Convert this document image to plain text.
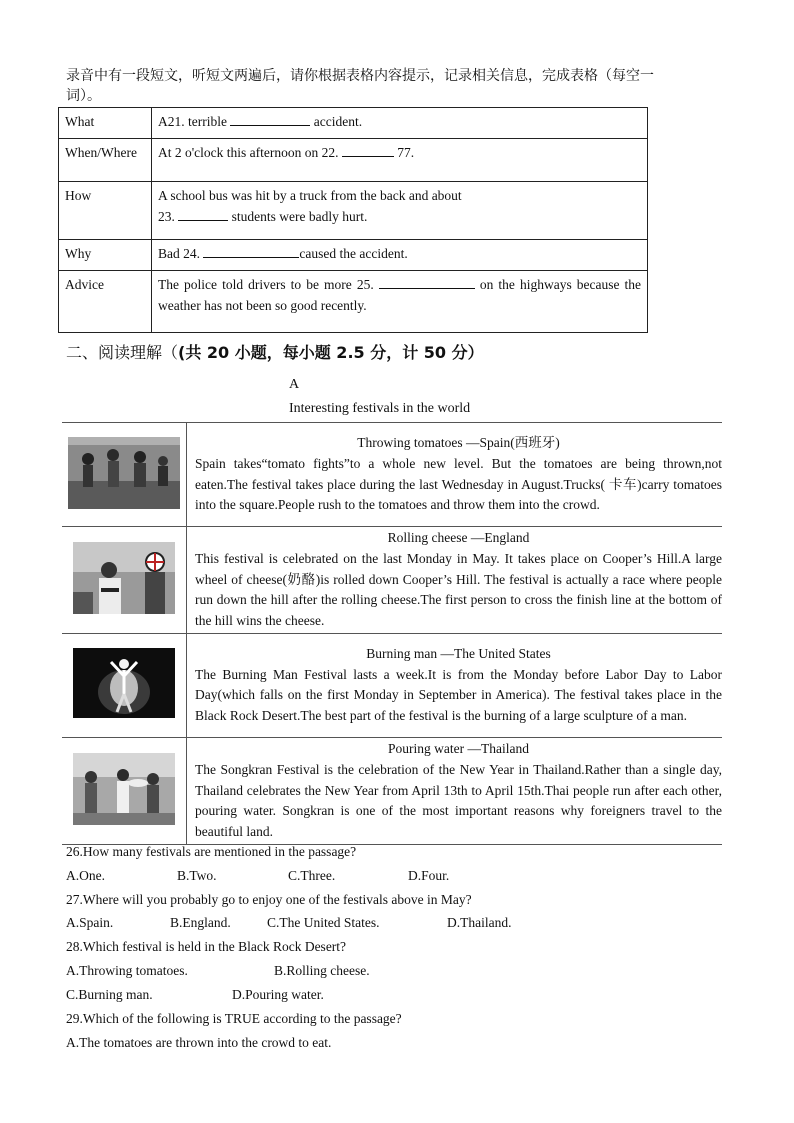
录音中有一段短文，听短文两遍后，请你根据表格内容提示，记录相关信息，完成表格（每空一词）。
What	A21. terrible accident.
When/Where	At 2 o'clock this afternoon on 22. 77.
How	A school bus was hit by a truck from the back and about
23. students were badly hurt.

Why	Bad 24. caused the accident.
Advice	The police told drivers to be more 25. on the highways because the weather has not been so good recently.
二、阅读理解（(共 20 小题，每小题 2.5 分，计 50 分）
A
Interesting festivals in the world

Throwing tomatoes —Spain(西班牙)
Spain takes“tomato fights”to a whole new level. But the tomatoes are being thrown,not eaten.The festival takes place during the last Wednesday in August.Trucks( 卡车)carry tomatoes into the square.People rush to the tomatoes and throw them into the crowd.

Rolling cheese —England
This festival is celebrated on the last Monday in May. It takes place on Cooper’s Hill.A large wheel of cheese(奶酪)is rolled down Cooper’s Hill. The festival is actually a race where people run down the hill after the rolling cheese.The first person to cross the finish line at the bottom of the hill wins the cheese.

Burning man —The United States
The Burning Man Festival lasts a week.It is from the Monday before Labor Day to Labor Day(which falls on the first Monday in September in America). The festival takes place in the Black Rock Desert.The best part of the festival is the burning of a large sculpture of a man.

Pouring water —Thailand
The Songkran Festival is the celebration of the New Year in Thailand.Rather than a single day, Thailand celebrates the New Year from April 13th to April 15th.Thai people run after each other, pouring water. Songkran is one of the most important reasons why foreigners travel to the beautiful land.
26.How many festivals are mentioned in the passage?
A.One.	B.Two.	C.Three.	D.Four.
27.Where will you probably go to enjoy one of the festivals above in May?
A.Spain.	B.England.	C.The United States.	D.Thailand.
28.Which festival is held in the Black Rock Desert?
A.Throwing tomatoes.	B.Rolling cheese.
C.Burning man.	D.Pouring water.
29.Which of the following is TRUE according to the passage?
A.The tomatoes are thrown into the crowd to eat.
